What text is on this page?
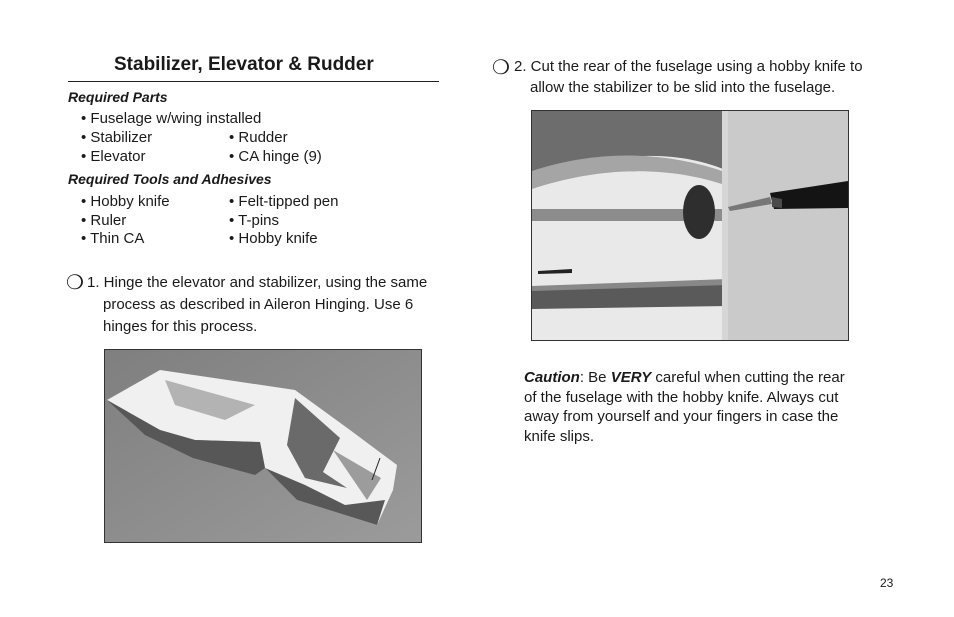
Stabilizer, Elevator & Rudder
Required Parts
• Fuselage w/wing installed
• Stabilizer	• Rudder
• Elevator	• CA hinge (9)
Required Tools and Adhesives
• Hobby knife	• Felt-tipped pen
• Ruler	• T-pins
• Thin CA	• Hobby knife
❍ 1. Hinge the elevator and stabilizer, using the same process as described in Aileron Hinging. Use 6 hinges for this process.
❍ 2. Cut the rear of the fuselage using a hobby knife to allow the stabilizer to be slid into the fuselage.
Caution: Be VERY careful when cutting the rear of the fuselage with the hobby knife. Always cut away from yourself and your fingers in case the knife slips.
23
